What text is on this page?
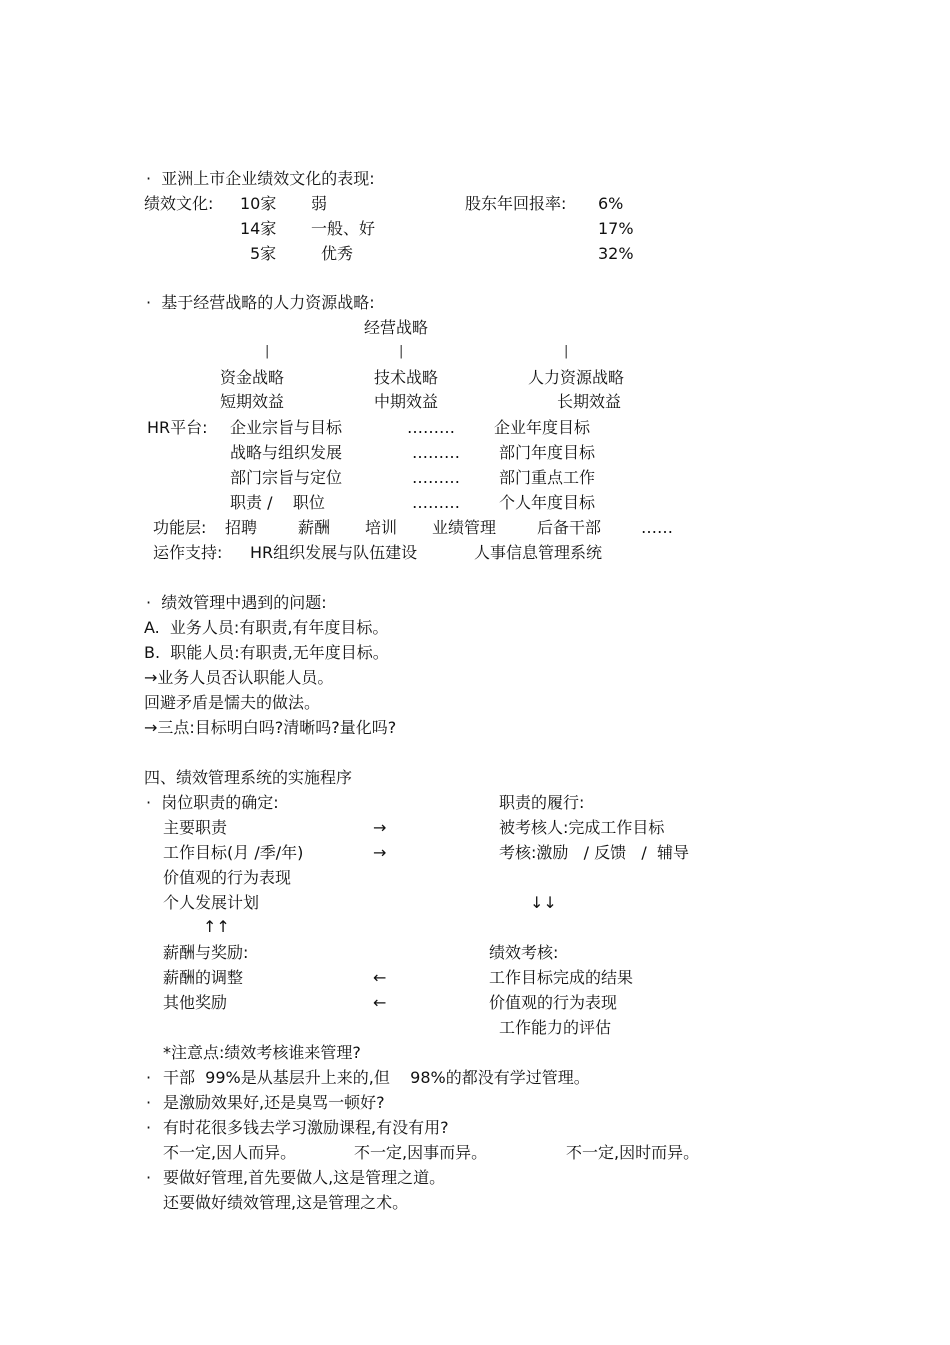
·  亚洲上市企业绩效文化的表现:
绩效文化: 10家 弱	股东年回报率: 6%
14家 一般、好	17%
5家	优秀	32%
·  基于经营战略的人力资源战略:
经营战略
|	|	|
资金战略	技术战略	人力资源战略
短期效益	中期效益	长期效益
HR平台: 企业宗旨与目标	……… 企业年度目标
战略与组织发展	……… 部门年度目标
部门宗旨与定位	……… 部门重点工作
职责 /    职位	……… 个人年度目标
功能层: 招聘	薪酬 培训 业绩管理	后备干部 ……
运作支持: HR组织发展与队伍建设	人事信息管理系统
·  绩效管理中遇到的问题:
A.  业务人员:有职责,有年度目标。
B.  职能人员:有职责,无年度目标。
→业务人员否认职能人员。
回避矛盾是懦夫的做法。
→三点:目标明白吗?清晰吗?量化吗?
四、绩效管理系统的实施程序
·  岗位职责的确定:	职责的履行:
主要职责	→	被考核人:完成工作目标
工作目标(月 /季/年)	→	考核:激励   / 反馈   /  辅导
价值观的行为表现
个人发展计划	↓↓
↑↑
薪酬与奖励:	绩效考核:
薪酬的调整	←	工作目标完成的结果
其他奖励	←	价值观的行为表现
工作能力的评估
*注意点:绩效考核谁来管理?
· 干部  99%是从基层升上来的,但    98%的都没有学过管理。
· 是激励效果好,还是臭骂一顿好?
· 有时花很多钱去学习激励课程,有没有用?
不一定,因人而异。	不一定,因事而异。	不一定,因时而异。
· 要做好管理,首先要做人,这是管理之道。
还要做好绩效管理,这是管理之术。
